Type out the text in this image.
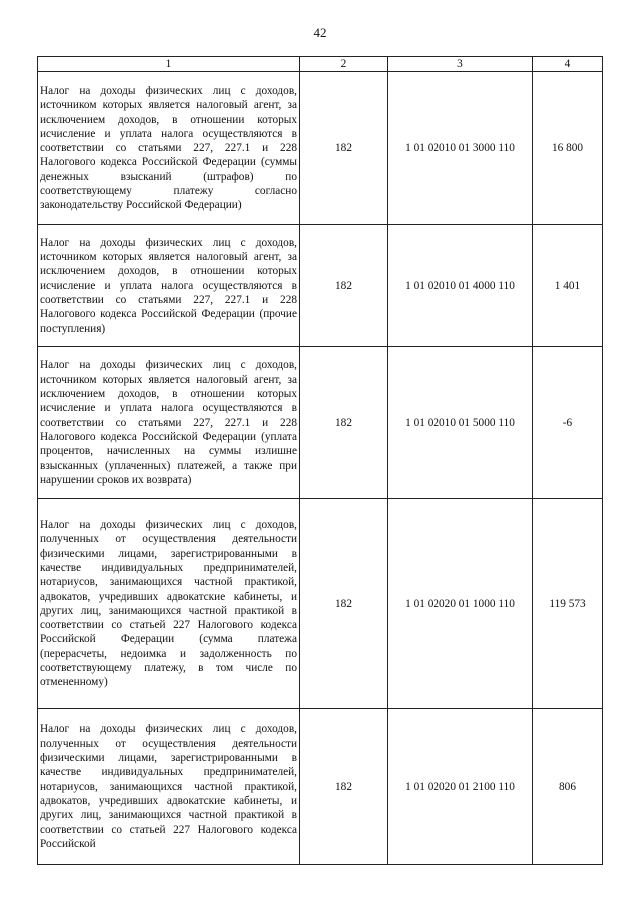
42
1	2	3	4
Налог на доходы физических лиц с доходов, источником которых является налоговый агент, за исключением доходов, в отношении которых исчисление и уплата налога осуществляются в соответствии со статьями 227, 227.1 и 228 Налогового кодекса Российской Федерации (суммы денежных взысканий (штрафов) по соответствующему платежу согласно законодательству Российской Федерации)	182	1 01 02010 01 3000 110	16 800
Налог на доходы физических лиц с доходов, источником которых является налоговый агент, за исключением доходов, в отношении которых исчисление и уплата налога осуществляются в соответствии со статьями 227, 227.1 и 228 Налогового кодекса Российской Федерации (прочие поступления)	182	1 01 02010 01 4000 110	1 401
Налог на доходы физических лиц с доходов, источником которых является налоговый агент, за исключением доходов, в отношении которых исчисление и уплата налога осуществляются в соответствии со статьями 227, 227.1 и 228 Налогового кодекса Российской Федерации (уплата процентов, начисленных на суммы излишне взысканных (уплаченных) платежей, а также при нарушении сроков их возврата)	182	1 01 02010 01 5000 110	-6
Налог на доходы физических лиц с доходов, полученных от осуществления деятельности физическими лицами, зарегистрированными в качестве индивидуальных предпринимателей, нотариусов, занимающихся частной практикой, адвокатов, учредивших адвокатские кабинеты, и других лиц, занимающихся частной практикой в соответствии со статьей 227 Налогового кодекса Российской Федерации (сумма платежа (перерасчеты, недоимка и задолженность по соответствующему платежу, в том числе по отмененному)	182	1 01 02020 01 1000 110	119 573
Налог на доходы физических лиц с доходов, полученных от осуществления деятельности физическими лицами, зарегистрированными в качестве индивидуальных предпринимателей, нотариусов, занимающихся частной практикой, адвокатов, учредивших адвокатские кабинеты, и других лиц, занимающихся частной практикой в соответствии со статьей 227 Налогового кодекса Российской	182	1 01 02020 01 2100 110	806
